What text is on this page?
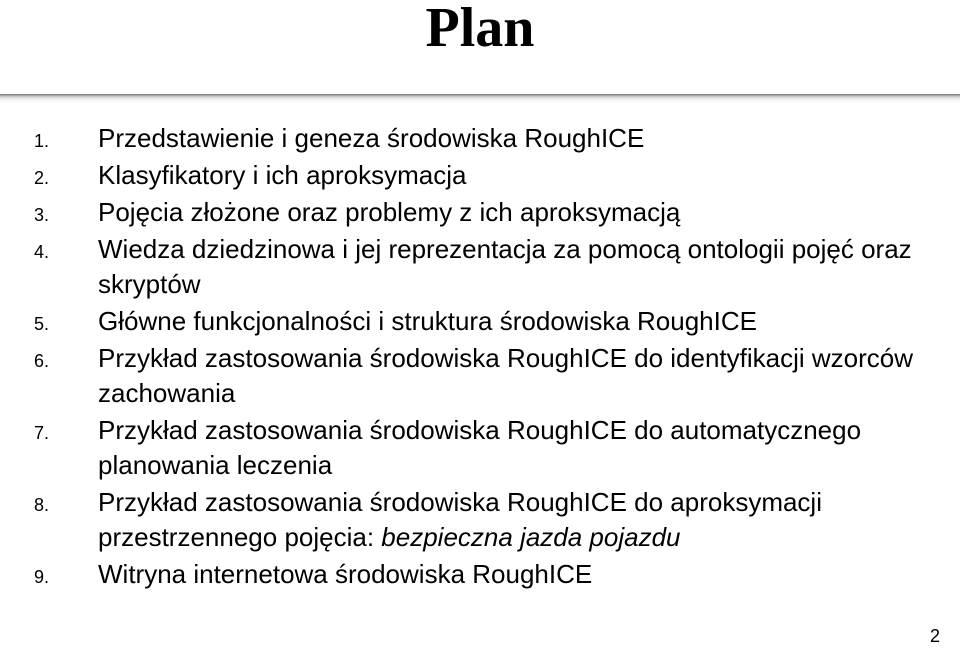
Plan
1. Przedstawienie i geneza środowiska RoughICE
2. Klasyfikatory i ich aproksymacja
3. Pojęcia złożone oraz problemy z ich aproksymacją
4. Wiedza dziedzinowa i jej reprezentacja za pomocą ontologii pojęć oraz skryptów
5. Główne funkcjonalności i struktura środowiska RoughICE
6. Przykład zastosowania środowiska RoughICE do identyfikacji wzorców zachowania
7. Przykład zastosowania środowiska RoughICE do automatycznego planowania leczenia
8. Przykład zastosowania środowiska RoughICE do aproksymacji przestrzennego pojęcia: bezpieczna jazda pojazdu
9. Witryna internetowa środowiska RoughICE
2
